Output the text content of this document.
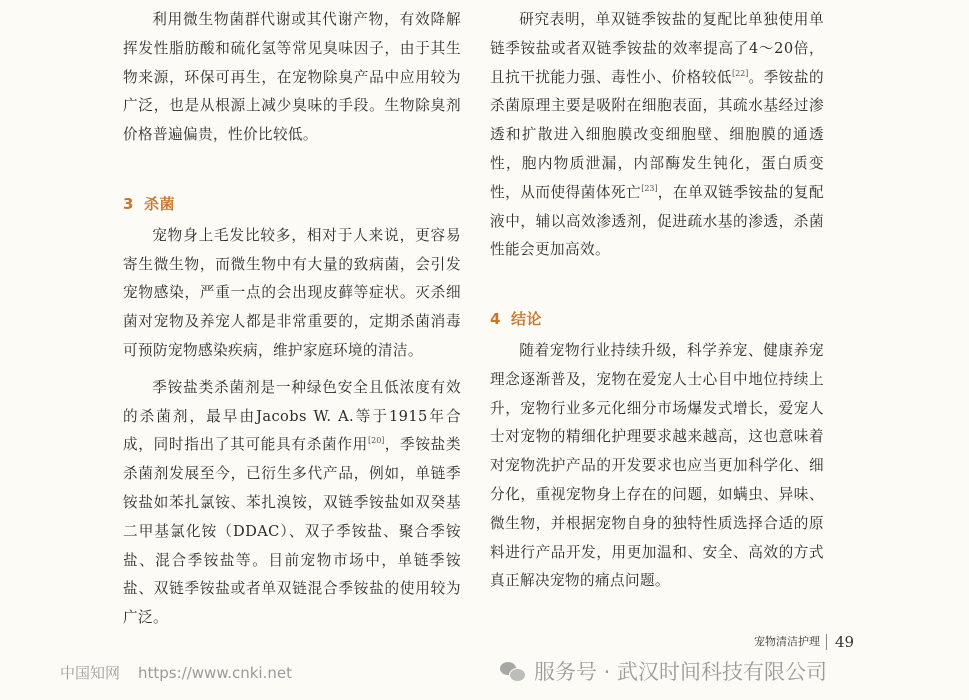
利用微生物菌群代谢或其代谢产物，有效降解挥发性脂肪酸和硫化氢等常见臭味因子，由于其生物来源，环保可再生，在宠物除臭产品中应用较为广泛，也是从根源上减少臭味的手段。生物除臭剂价格普遍偏贵，性价比较低。

3 杀菌

宠物身上毛发比较多，相对于人来说，更容易寄生微生物，而微生物中有大量的致病菌，会引发宠物感染，严重一点的会出现皮藓等症状。灭杀细菌对宠物及养宠人都是非常重要的，定期杀菌消毒可预防宠物感染疾病，维护家庭环境的清洁。

季铵盐类杀菌剂是一种绿色安全且低浓度有效的杀菌剂，最早由Jacobs W. A.等于1915年合成，同时指出了其可能具有杀菌作用[20]，季铵盐类杀菌剂发展至今，已衍生多代产品，例如，单链季铵盐如苯扎氯铵、苯扎溴铵，双链季铵盐如双癸基二甲基氯化铵（DDAC）、双子季铵盐、聚合季铵盐、混合季铵盐等。目前宠物市场中，单链季铵盐、双链季铵盐或者单双链混合季铵盐的使用较为广泛。

研究表明，单双链季铵盐的复配比单独使用单链季铵盐或者双链季铵盐的效率提高了4～20倍，且抗干扰能力强、毒性小、价格较低[22]。季铵盐的杀菌原理主要是吸附在细胞表面，其疏水基经过渗透和扩散进入细胞膜改变细胞壁、细胞膜的通透性，胞内物质泄漏，内部酶发生钝化，蛋白质变性，从而使得菌体死亡[23]，在单双链季铵盐的复配液中，辅以高效渗透剂，促进疏水基的渗透，杀菌性能会更加高效。

4 结论

随着宠物行业持续升级，科学养宠、健康养宠理念逐渐普及，宠物在爱宠人士心目中地位持续上升，宠物行业多元化细分市场爆发式增长，爱宠人士对宠物的精细化护理要求越来越高，这也意味着对宠物洗护产品的开发要求也应当更加科学化、细分化，重视宠物身上存在的问题，如螨虫、异味、微生物，并根据宠物自身的独特性质选择合适的原料进行产品开发，用更加温和、安全、高效的方式真正解决宠物的痛点问题。

宠物清洁护理 49
中国知网 https://www.cnki.net	服务号 · 武汉时间科技有限公司
